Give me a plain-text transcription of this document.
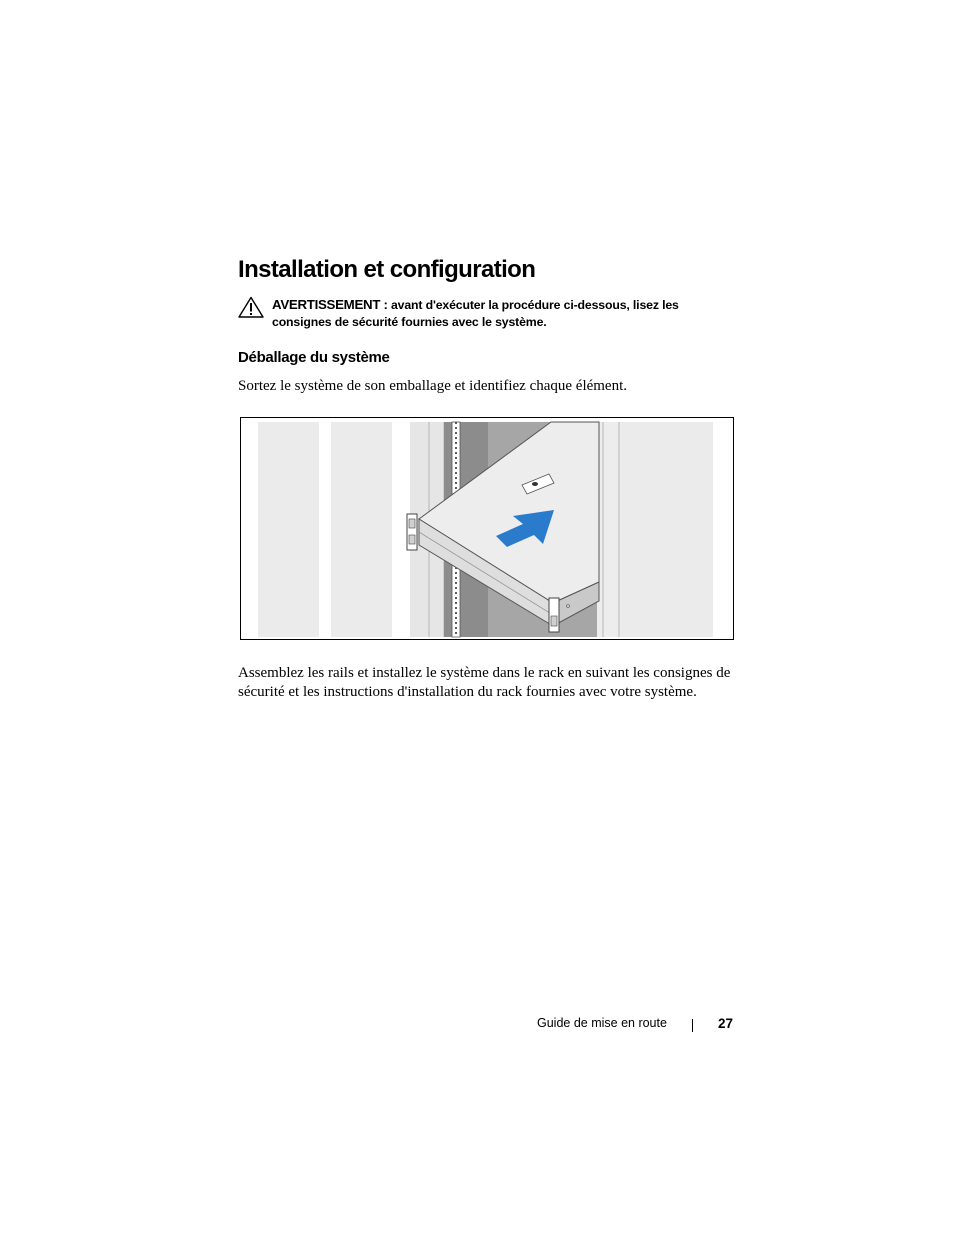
Installation et configuration
AVERTISSEMENT : avant d'exécuter la procédure ci-dessous, lisez les consignes de sécurité fournies avec le système.
Déballage du système

Sortez le système de son emballage et identifiez chaque élément.

Assemblez les rails et installez le système dans le rack en suivant les consignes de sécurité et les instructions d'installation du rack fournies avec votre système.

Guide de mise en route	27
